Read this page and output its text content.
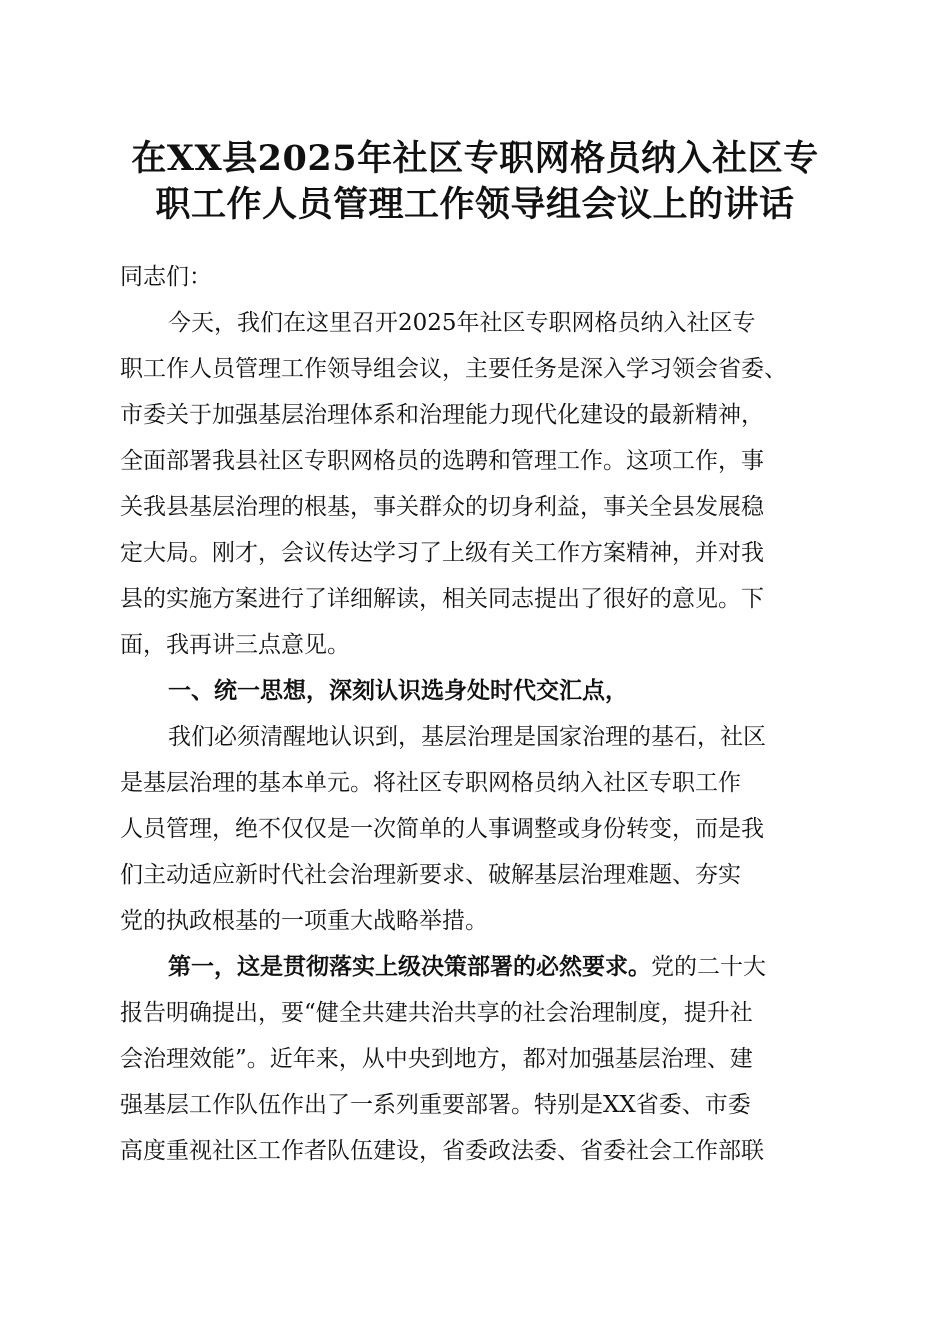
在XX县2025年社区专职网格员纳入社区专
职工作人员管理工作领导组会议上的讲话
同志们：
今天，我们在这里召开2025年社区专职网格员纳入社区专
职工作人员管理工作领导组会议，主要任务是深入学习领会省委、
市委关于加强基层治理体系和治理能力现代化建设的最新精神，
全面部署我县社区专职网格员的选聘和管理工作。这项工作，事
关我县基层治理的根基，事关群众的切身利益，事关全县发展稳
定大局。刚才，会议传达学习了上级有关工作方案精神，并对我
县的实施方案进行了详细解读，相关同志提出了很好的意见。下
面，我再讲三点意见。
一、统一思想，深刻认识选身处时代交汇点，
我们必须清醒地认识到，基层治理是国家治理的基石，社区
是基层治理的基本单元。将社区专职网格员纳入社区专职工作
人员管理，绝不仅仅是一次简单的人事调整或身份转变，而是我
们主动适应新时代社会治理新要求、破解基层治理难题、夯实
党的执政根基的一项重大战略举措。
第一，这是贯彻落实上级决策部署的必然要求。党的二十大
报告明确提出，要“健全共建共治共享的社会治理制度，提升社
会治理效能”。近年来，从中央到地方，都对加强基层治理、建
强基层工作队伍作出了一系列重要部署。特别是XX省委、市委
高度重视社区工作者队伍建设，省委政法委、省委社会工作部联
